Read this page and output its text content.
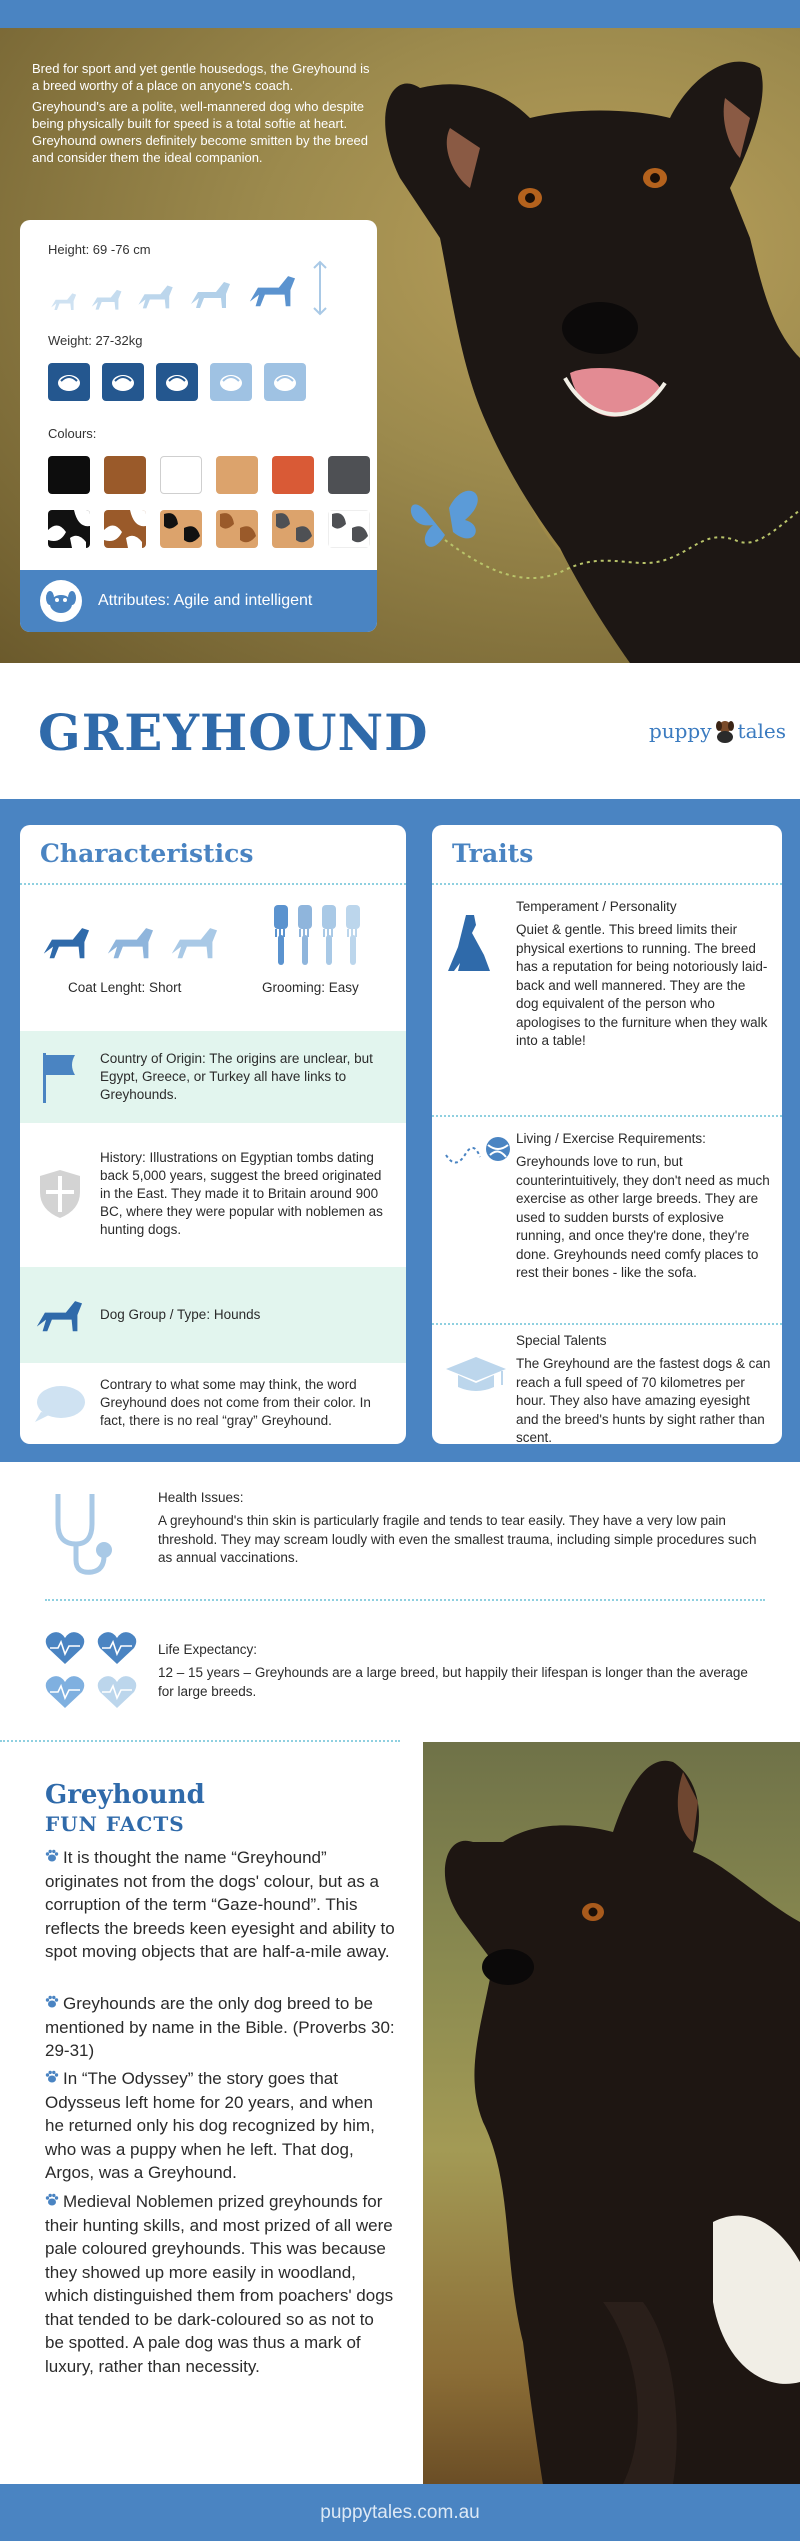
Bred for sport and yet gentle housedogs, the Greyhound is a breed worthy of a place on anyone's coach.

Greyhound's are a polite, well-mannered dog who despite being physically built for speed is a total softie at heart. Greyhound owners definitely become smitten by the breed and consider them the ideal companion.

Height: 69 -76 cm
Weight: 27-32kg
Colours:
Attributes: Agile and intelligent
GREYHOUND	puppy tales
Characteristics
Coat Lenght: Short	Grooming: Easy
Country of Origin: The origins are unclear, but Egypt, Greece, or Turkey all have links to Greyhounds.
History: Illustrations on Egyptian tombs dating back 5,000 years, suggest the breed originated in the East. They made it to Britain around 900 BC, where they were popular with noblemen as hunting dogs.
Dog Group / Type: Hounds
Contrary to what some may think, the word Greyhound does not come from their color. In fact, there is no real “gray” Greyhound.
Traits
Temperament / Personality
Quiet & gentle. This breed limits their physical exertions to running. The breed has a reputation for being notoriously laid-back and well mannered. They are the dog equivalent of the person who apologises to the furniture when they walk into a table!
Living / Exercise Requirements:
Greyhounds love to run, but counterintuitively, they don't need as much exercise as other large breeds. They are used to sudden bursts of explosive running, and once they're done, they're done. Greyhounds need comfy places to rest their bones - like the sofa.
Special Talents
The Greyhound are the fastest dogs & can reach a full speed of 70 kilometres per hour. They also have amazing eyesight and the breed's hunts by sight rather than scent.
Health Issues:
A greyhound's thin skin is particularly fragile and tends to tear easily. They have a very low pain threshold. They may scream loudly with even the smallest trauma, including simple procedures such as annual vaccinations.
Life Expectancy:
12 – 15 years – Greyhounds are a large breed, but happily their lifespan is longer than the average for large breeds.
Greyhound
FUN FACTS

It is thought the name “Greyhound” originates not from the dogs' colour, but as a corruption of the term “Gaze-hound”. This reflects the breeds keen eyesight and ability to spot moving objects that are half-a-mile away.

Greyhounds are the only dog breed to be mentioned by name in the Bible. (Proverbs 30: 29-31)

In “The Odyssey” the story goes that Odysseus left home for 20 years, and when he returned only his dog recognized by him, who was a puppy when he left. That dog, Argos, was a Greyhound.

Medieval Noblemen prized greyhounds for their hunting skills, and most prized of all were pale coloured greyhounds. This was because they showed up more easily in woodland, which distinguished them from poachers' dogs that tended to be dark-coloured so as not to be spotted. A pale dog was thus a mark of luxury, rather than necessity.

puppytales.com.au
